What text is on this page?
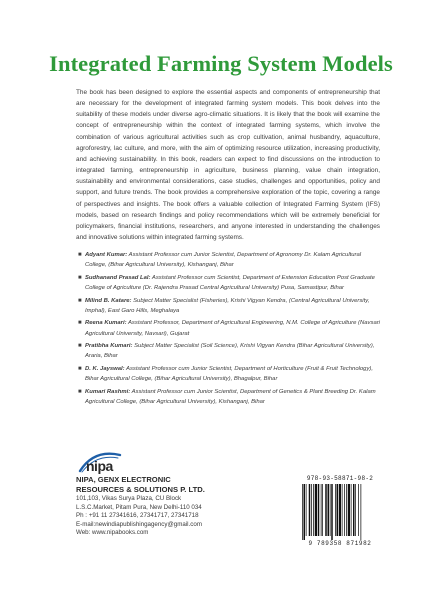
Integrated Farming System Models

The book has been designed to explore the essential aspects and components of entrepreneurship that are necessary for the development of integrated farming system models. This book delves into the suitability of these models under diverse agro-climatic situations. It is likely that the book will examine the concept of entrepreneurship within the context of integrated farming systems, which involve the combination of various agricultural activities such as crop cultivation, animal husbandry, aquaculture, agroforestry, lac culture, and more, with the aim of optimizing resource utilization, increasing productivity, and achieving sustainability. In this book, readers can expect to find discussions on the introduction to integrated farming, entrepreneurship in agriculture, business planning, value chain integration, sustainability and environmental considerations, case studies, challenges and opportunities, policy and support, and future trends. The book provides a comprehensive exploration of the topic, covering a range of perspectives and insights. The book offers a valuable collection of Integrated Farming System (IFS) models, based on research findings and policy recommendations which will be extremely beneficial for policymakers, financial institutions, researchers, and anyone interested in understanding the challenges and innovative solutions within integrated farming systems.

■ Adyant Kumar: Assistant Professor cum Junior Scientist, Department of Agronomy Dr. Kalam Agricultural College, (Bihar Agricultural University), Kishanganj, Bihar
■ Sudhanand Prasad Lal: Assistant Professor cum Scientist, Department of Extension Education Post Graduate College of Agriculture (Dr. Rajendra Prasad Central Agricultural University) Pusa, Samastipur, Bihar
■ Milind B. Katare: Subject Matter Specialist (Fisheries), Krishi Vigyan Kendra, (Central Agricultural University, Imphal), East Garo Hills, Meghalaya
■ Reena Kumari: Assistant Professor, Department of Agricultural Engineering, N.M. College of Agriculture (Navsari Agricultural University, Navsari), Gujarat
■ Pratibha Kumari: Subject Matter Specialist (Soil Science), Krishi Vigyan Kendra (Bihar Agricultural University), Araria, Bihar
■ D. K. Jayswal: Assistant Professor cum Junior Scientist, Department of Horticulture (Fruit & Fruit Technology), Bihar Agricultural College, (Bihar Agricultural University), Bhagalpur, Bihar
■ Kumari Rashmi: Assistant Professor cum Junior Scientist, Department of Genetics & Plant Breeding Dr. Kalam Agricultural College, (Bihar Agricultural University), Kishanganj, Bihar
nipa
NIPA, GENX ELECTRONIC
RESOURCES & SOLUTIONS P. LTD.
101,103, Vikas Surya Plaza, CU Block
L.S.C.Market, Pitam Pura, New Delhi-110 034
Ph : +91 11 27341616, 27341717, 27341718
E-mail:newindiapublishingagency@gmail.com
Web: www.nipabooks.com
978-93-58871-98-2
9 789358 871982
